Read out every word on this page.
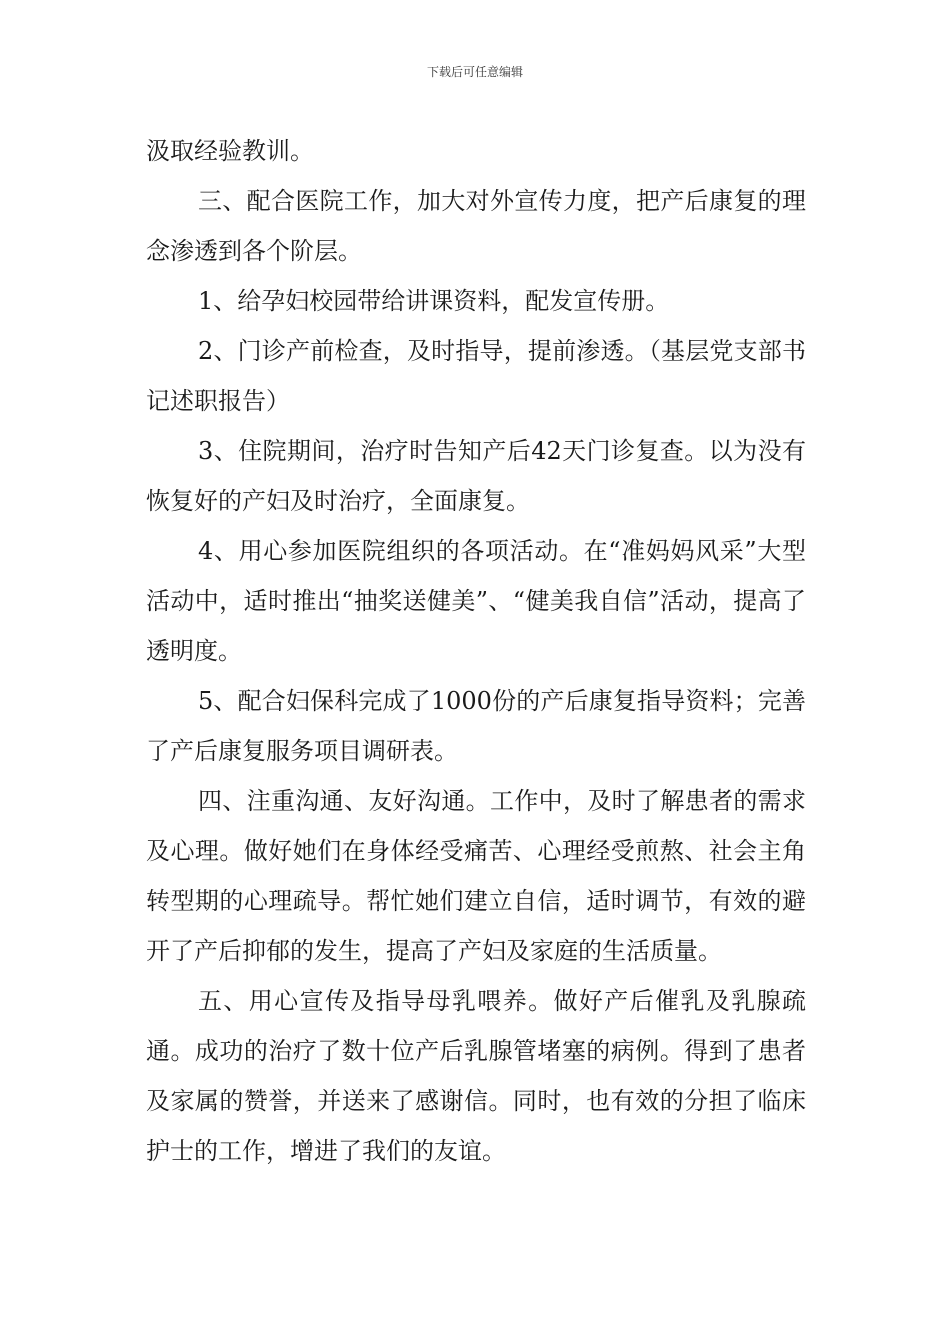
下载后可任意编辑

汲取经验教训。

三、配合医院工作，加大对外宣传力度，把产后康复的理念渗透到各个阶层。

1、给孕妇校园带给讲课资料，配发宣传册。

2、门诊产前检查，及时指导，提前渗透。（基层党支部书记述职报告）

3、住院期间，治疗时告知产后42天门诊复查。以为没有恢复好的产妇及时治疗，全面康复。

4、用心参加医院组织的各项活动。在“准妈妈风采”大型活动中，适时推出“抽奖送健美”、“健美我自信”活动，提高了透明度。

5、配合妇保科完成了1000份的产后康复指导资料；完善了产后康复服务项目调研表。

四、注重沟通、友好沟通。工作中，及时了解患者的需求及心理。做好她们在身体经受痛苦、心理经受煎熬、社会主角转型期的心理疏导。帮忙她们建立自信，适时调节，有效的避开了产后抑郁的发生，提高了产妇及家庭的生活质量。

五、用心宣传及指导母乳喂养。做好产后催乳及乳腺疏通。成功的治疗了数十位产后乳腺管堵塞的病例。得到了患者及家属的赞誉，并送来了感谢信。同时，也有效的分担了临床护士的工作，增进了我们的友谊。
